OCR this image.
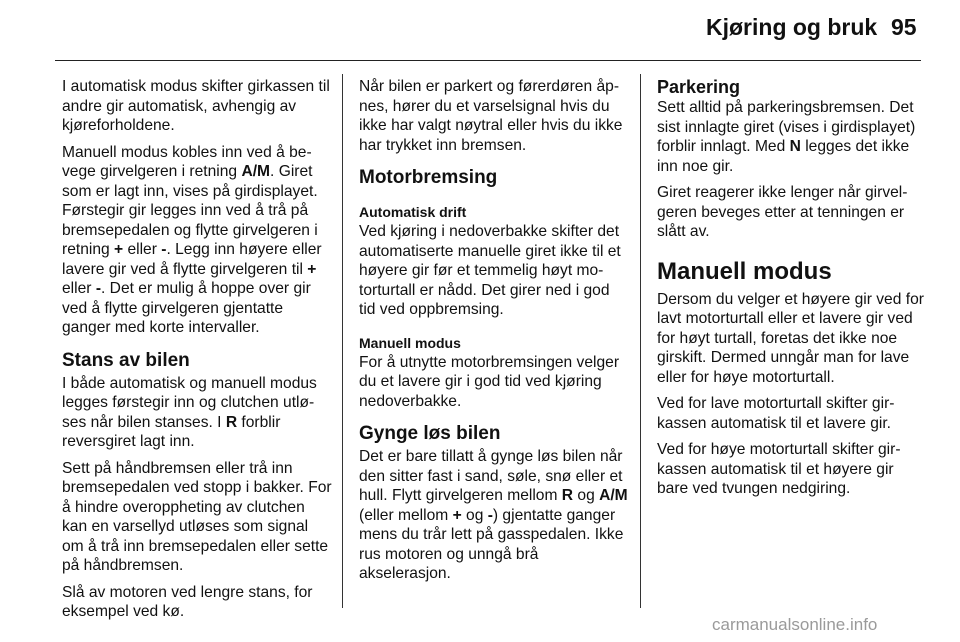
Kjøring og bruk 95

I automatisk modus skifter girkassen til andre gir automatisk, avhengig av kjøreforholdene.

Manuell modus kobles inn ved å bevege girvelgeren i retning A/M. Giret som er lagt inn, vises på girdisplayet. Førstegir gir legges inn ved å trå på bremsepedalen og flytte girvelgeren i retning + eller -. Legg inn høyere eller lavere gir ved å flytte girvelgeren til + eller -. Det er mulig å hoppe over gir ved å flytte girvelgeren gjentatte ganger med korte intervaller.

Stans av bilen

I både automatisk og manuell modus legges førstegir inn og clutchen utløses når bilen stanses. I R forblir reversgiret lagt inn.

Sett på håndbremsen eller trå inn bremsepedalen ved stopp i bakker. For å hindre overoppheting av clutchen kan en varsellyd utløses som signal om å trå inn bremsepedalen eller sette på håndbremsen.

Slå av motoren ved lengre stans, for eksempel ved kø.

Når bilen er parkert og førerdøren åpnes, hører du et varselsignal hvis du ikke har valgt nøytral eller hvis du ikke har trykket inn bremsen.

Motorbremsing
Automatisk drift

Ved kjøring i nedoverbakke skifter det automatiserte manuelle giret ikke til et høyere gir før et temmelig høyt motorturtall er nådd. Det girer ned i god tid ved oppbremsing.

Manuell modus

For å utnytte motorbremsingen velger du et lavere gir i god tid ved kjøring nedoverbakke.

Gynge løs bilen

Det er bare tillatt å gynge løs bilen når den sitter fast i sand, søle, snø eller et hull. Flytt girvelgeren mellom R og A/M (eller mellom + og -) gjentatte ganger mens du trår lett på gasspedalen. Ikke rus motoren og unngå brå akselerasjon.

Parkering

Sett alltid på parkeringsbremsen. Det sist innlagte giret (vises i girdisplayet) forblir innlagt. Med N legges det ikke inn noe gir.

Giret reagerer ikke lenger når girvelgeren beveges etter at tenningen er slått av.

Manuell modus

Dersom du velger et høyere gir ved for lavt motorturtall eller et lavere gir ved for høyt turtall, foretas det ikke noe girskift. Dermed unngår man for lave eller for høye motorturtall.

Ved for lave motorturtall skifter girkassen automatisk til et lavere gir.

Ved for høye motorturtall skifter girkassen automatisk til et høyere gir bare ved tvungen nedgiring.

carmanualsonline.info
